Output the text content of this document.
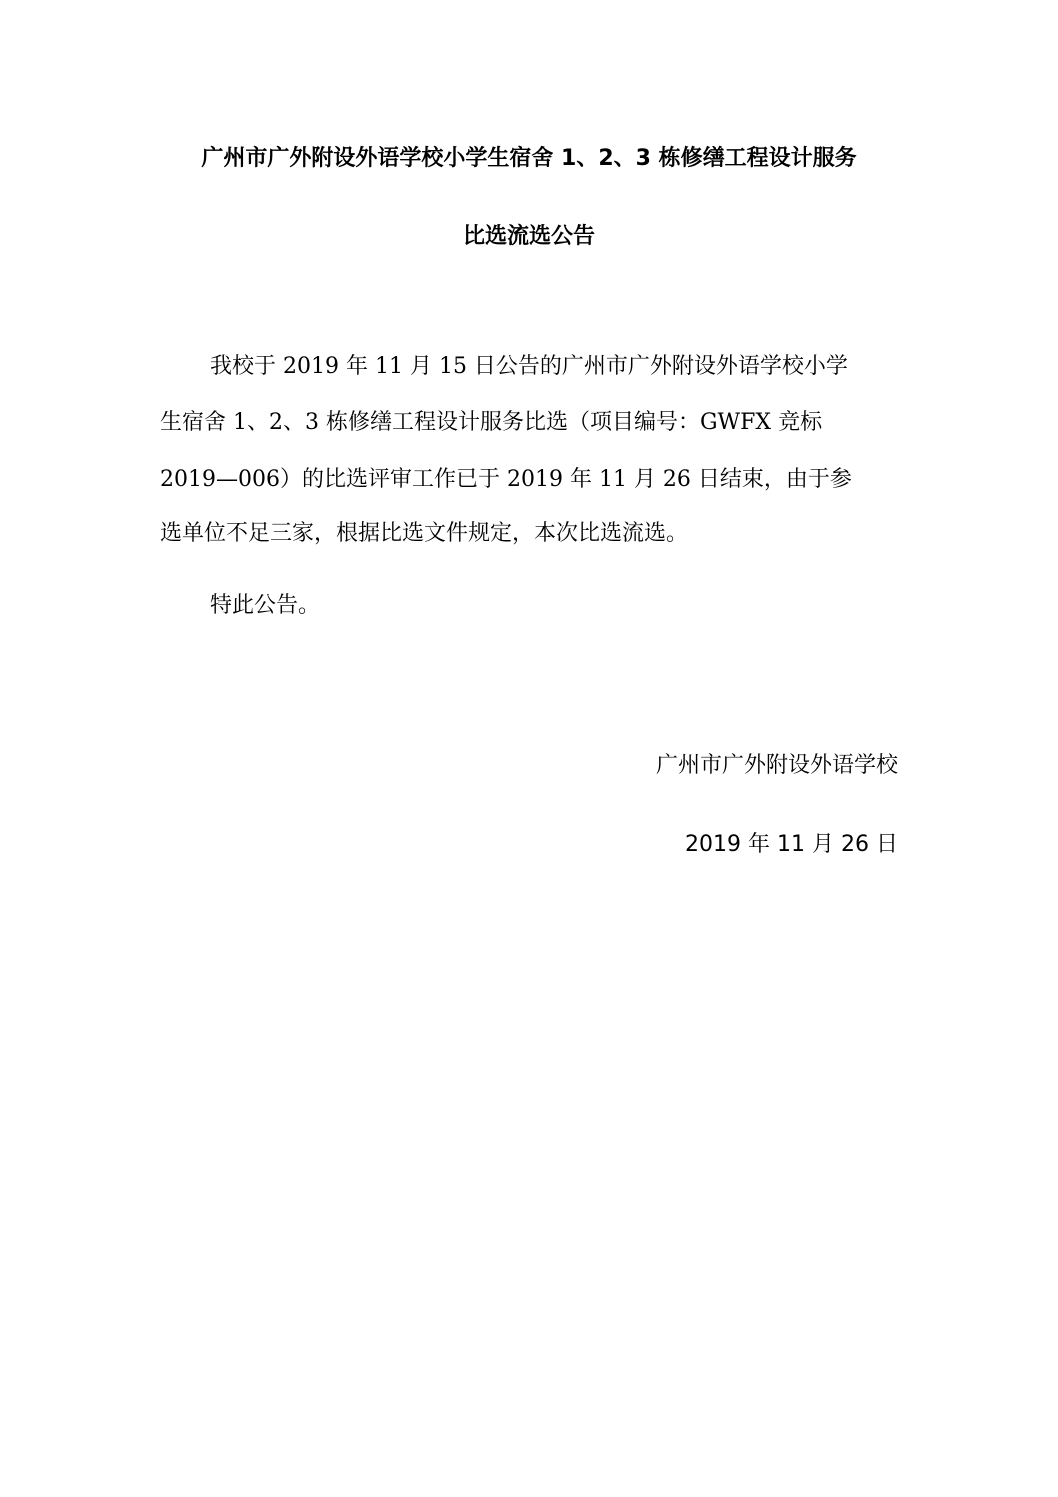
广州市广外附设外语学校小学生宿舍 1、2、3 栋修缮工程设计服务
比选流选公告
我校于 2019 年 11 月 15 日公告的广州市广外附设外语学校小学
生宿舍 1、2、3 栋修缮工程设计服务比选（项目编号：GWFX 竞标
2019—006）的比选评审工作已于 2019 年 11 月 26 日结束，由于参
选单位不足三家，根据比选文件规定，本次比选流选。
特此公告。
广州市广外附设外语学校
2019 年 11 月 26 日
